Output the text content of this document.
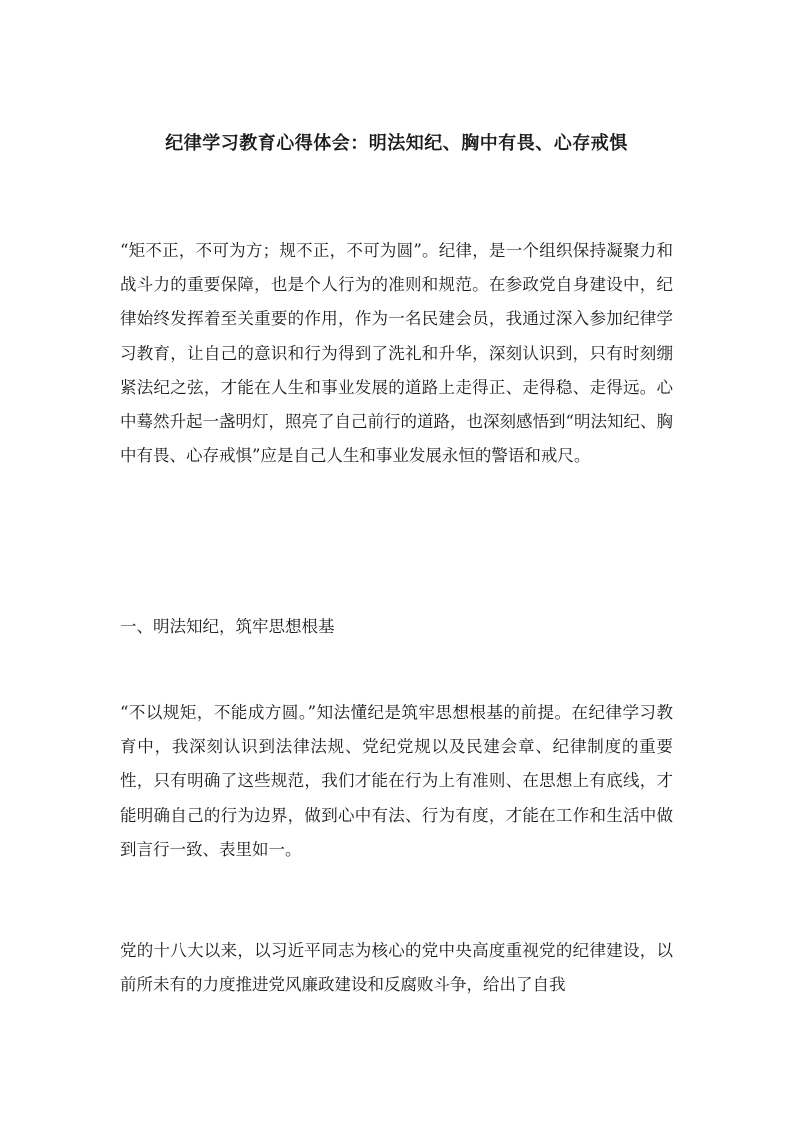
纪律学习教育心得体会：明法知纪、胸中有畏、心存戒惧

“矩不正，不可为方；规不正，不可为圆”。纪律，是一个组织保持凝聚力和战斗力的重要保障，也是个人行为的准则和规范。在参政党自身建设中，纪律始终发挥着至关重要的作用，作为一名民建会员，我通过深入参加纪律学习教育，让自己的意识和行为得到了洗礼和升华，深刻认识到，只有时刻绷紧法纪之弦，才能在人生和事业发展的道路上走得正、走得稳、走得远。心中蓦然升起一盏明灯，照亮了自己前行的道路，也深刻感悟到“明法知纪、胸中有畏、心存戒惧”应是自己人生和事业发展永恒的警语和戒尺。

一、明法知纪，筑牢思想根基

“不以规矩，不能成方圆。”知法懂纪是筑牢思想根基的前提。在纪律学习教育中，我深刻认识到法律法规、党纪党规以及民建会章、纪律制度的重要性，只有明确了这些规范，我们才能在行为上有准则、在思想上有底线，才能明确自己的行为边界，做到心中有法、行为有度，才能在工作和生活中做到言行一致、表里如一。

党的十八大以来，以习近平同志为核心的党中央高度重视党的纪律建设，以前所未有的力度推进党风廉政建设和反腐败斗争，给出了自我
